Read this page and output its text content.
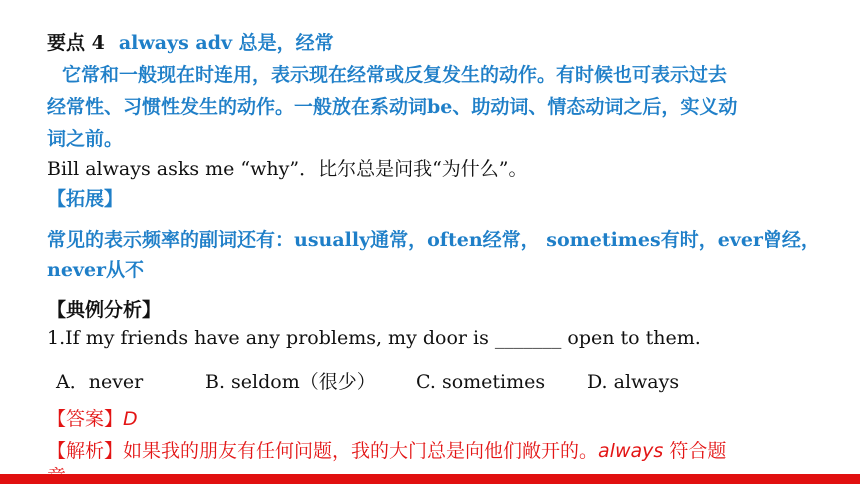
要点 4 always adv 总是，经常
它常和一般现在时连用，表示现在经常或反复发生的动作。有时候也可表示过去
经常性、习惯性发生的动作。一般放在系动词be、助动词、情态动词之后，实义动
词之前。
Bill always asks me “why”．比尔总是问我“为什么”。
【拓展】
常见的表示频率的副词还有：usually通常，often经常， sometimes有时，ever曾经，
never从不
【典例分析】
1.If my friends have any problems, my door is _______ open to them.
A．never	B. seldom（很少） C. sometimes D. always
【答案】D
【解析】如果我的朋友有任何问题，我的大门总是向他们敞开的。always 符合题
